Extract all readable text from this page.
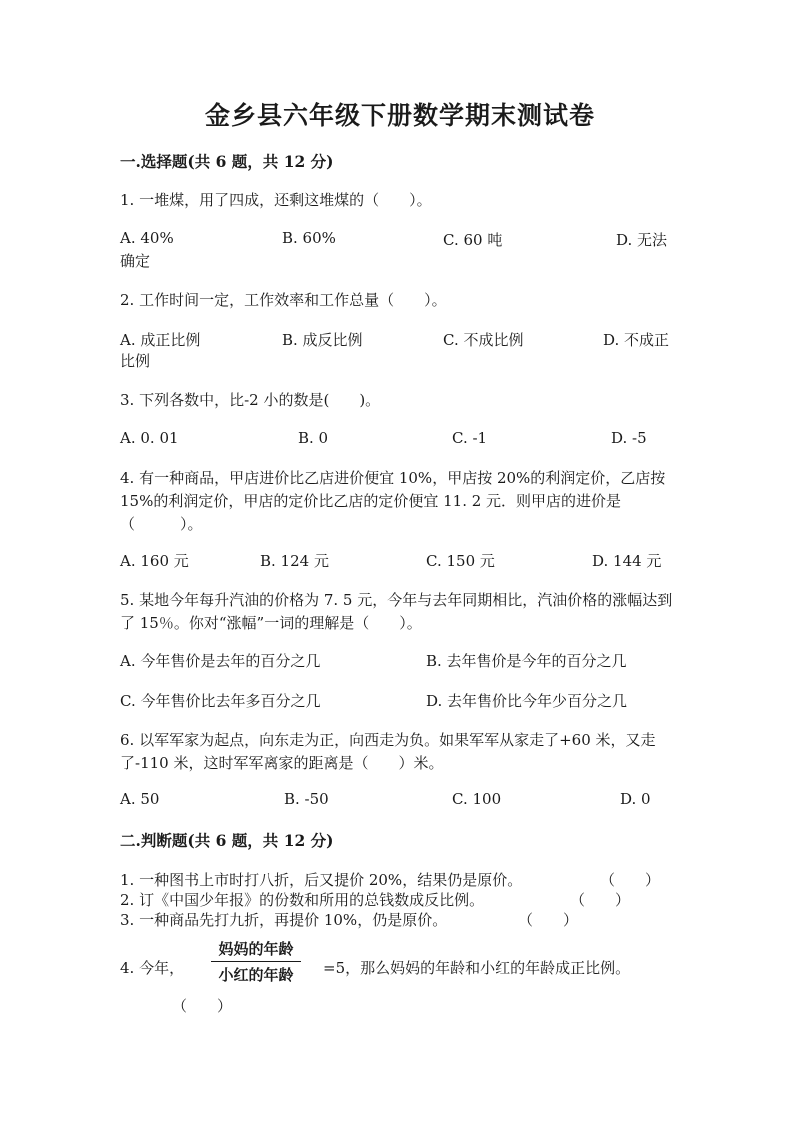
金乡县六年级下册数学期末测试卷
一.选择题(共 6 题，共 12 分)
1. 一堆煤，用了四成，还剩这堆煤的（　　）。
A. 40%	B. 60%	C. 60 吨	D. 无法
确定
2. 工作时间一定，工作效率和工作总量（　　）。
A. 成正比例	B. 成反比例	C. 不成比例	D. 不成正
比例
3. 下列各数中，比-2 小的数是(　　)。
A. 0. 01	B. 0	C. -1	D. -5
4. 有一种商品，甲店进价比乙店进价便宜 10%，甲店按 20%的利润定价，乙店按 15%的利润定价，甲店的定价比乙店的定价便宜 11. 2 元．则甲店的进价是（　　　）。
A. 160 元	B. 124 元	C. 150 元	D. 144 元
5. 某地今年每升汽油的价格为 7. 5 元，今年与去年同期相比，汽油价格的涨幅达到了 15％。你对“涨幅”一词的理解是（　　）。
A. 今年售价是去年的百分之几	B. 去年售价是今年的百分之几
C. 今年售价比去年多百分之几	D. 去年售价比今年少百分之几
6. 以军军家为起点，向东走为正，向西走为负。如果军军从家走了+60 米，又走了-110 米，这时军军离家的距离是（　　）米。
A. 50	B. -50	C. 100	D. 0
二.判断题(共 6 题，共 12 分)
1. 一种图书上市时打八折，后又提价 20%，结果仍是原价。	（　　）
2. 订《中国少年报》的份数和所用的总钱数成反比例。	（　　）
3. 一种商品先打九折，再提价 10%，仍是原价。	（　　）
4. 今年，
妈妈的年龄
小红的年龄	=5，那么妈妈的年龄和小红的年龄成正比例。
（　　）
